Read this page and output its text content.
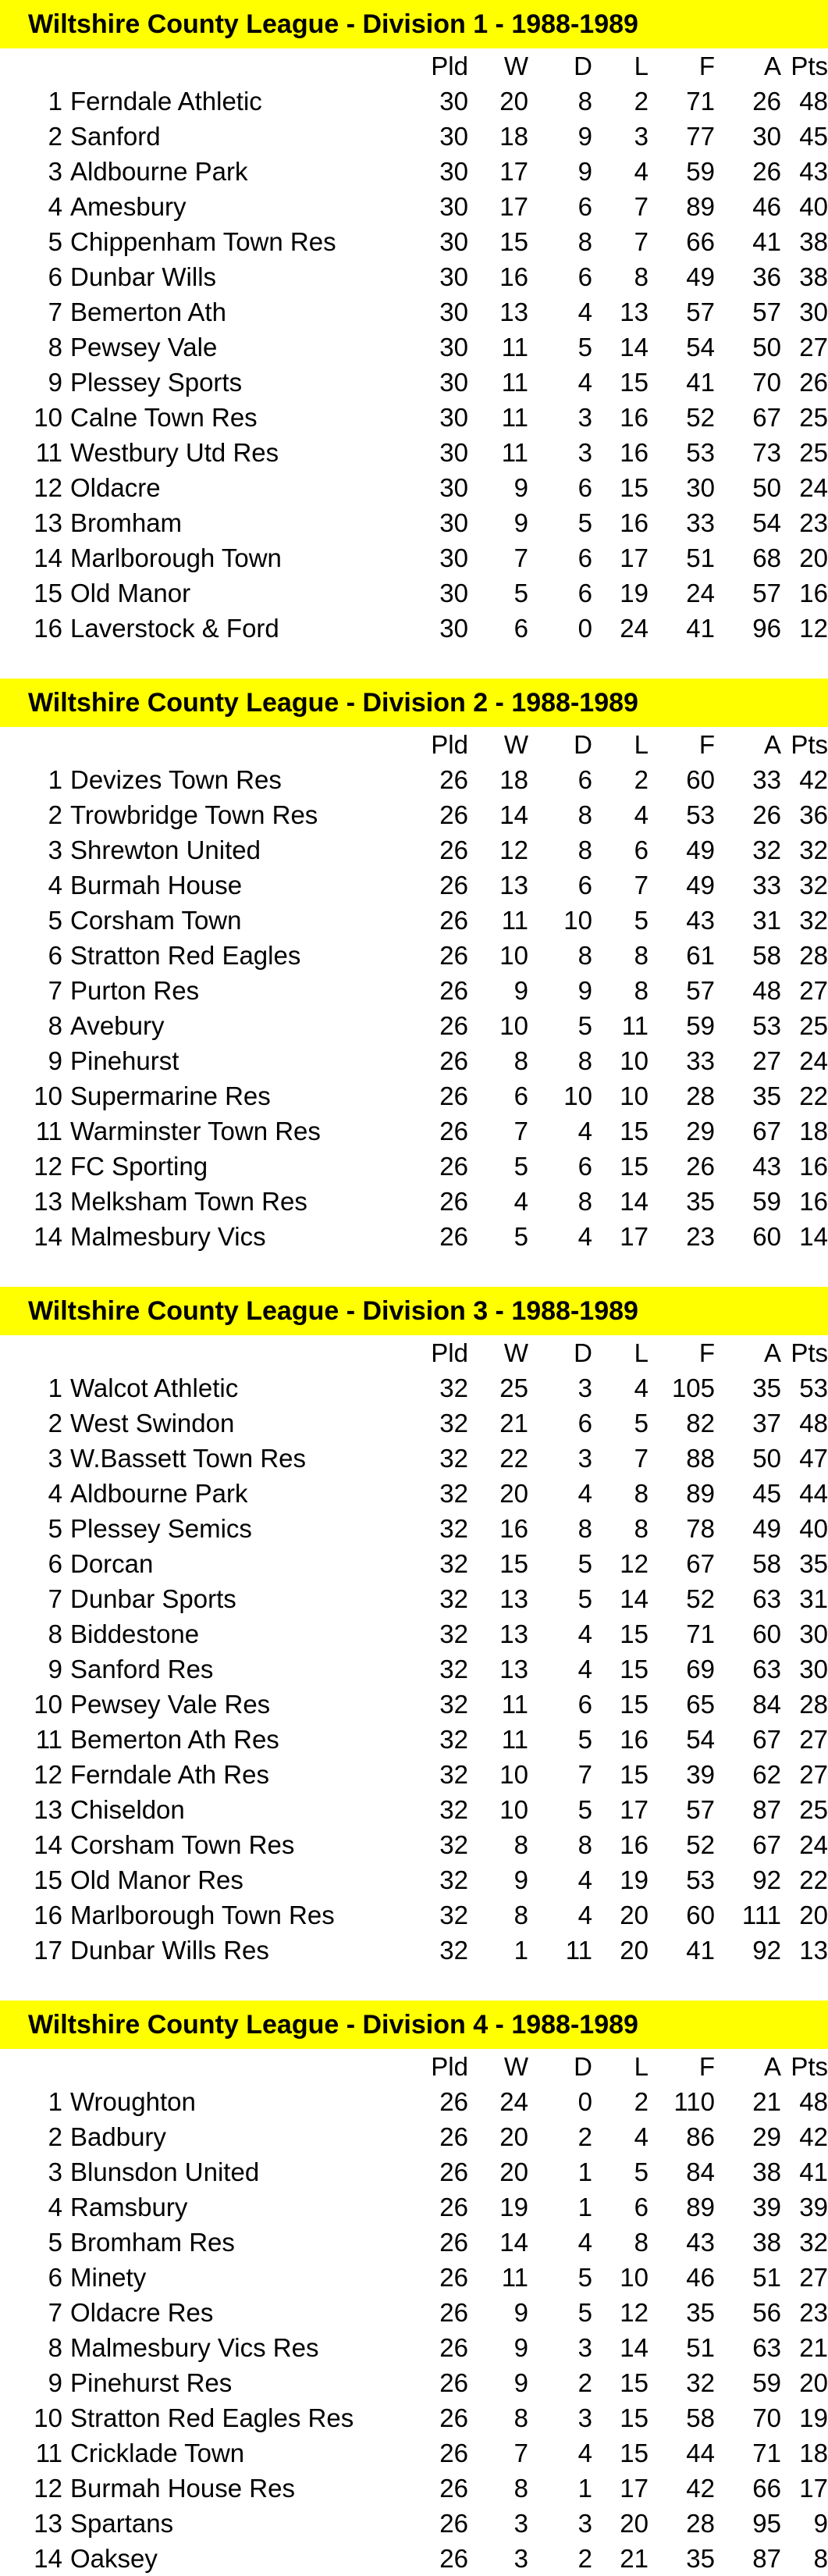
Wiltshire County League - Division 1 - 1988-1989
		Pld	W	D	L	F	A	Pts
1	Ferndale Athletic	30	20	8	2	71	26	48
2	Sanford	30	18	9	3	77	30	45
3	Aldbourne Park	30	17	9	4	59	26	43
4	Amesbury	30	17	6	7	89	46	40
5	Chippenham Town Res	30	15	8	7	66	41	38
6	Dunbar Wills	30	16	6	8	49	36	38
7	Bemerton Ath	30	13	4	13	57	57	30
8	Pewsey Vale	30	11	5	14	54	50	27
9	Plessey Sports	30	11	4	15	41	70	26
10	Calne Town Res	30	11	3	16	52	67	25
11	Westbury Utd Res	30	11	3	16	53	73	25
12	Oldacre	30	9	6	15	30	50	24
13	Bromham	30	9	5	16	33	54	23
14	Marlborough Town	30	7	6	17	51	68	20
15	Old Manor	30	5	6	19	24	57	16
16	Laverstock & Ford	30	6	0	24	41	96	12
Wiltshire County League - Division 2 - 1988-1989
		Pld	W	D	L	F	A	Pts
1	Devizes Town Res	26	18	6	2	60	33	42
2	Trowbridge Town Res	26	14	8	4	53	26	36
3	Shrewton United	26	12	8	6	49	32	32
4	Burmah House	26	13	6	7	49	33	32
5	Corsham Town	26	11	10	5	43	31	32
6	Stratton Red Eagles	26	10	8	8	61	58	28
7	Purton Res	26	9	9	8	57	48	27
8	Avebury	26	10	5	11	59	53	25
9	Pinehurst	26	8	8	10	33	27	24
10	Supermarine Res	26	6	10	10	28	35	22
11	Warminster Town Res	26	7	4	15	29	67	18
12	FC Sporting	26	5	6	15	26	43	16
13	Melksham Town Res	26	4	8	14	35	59	16
14	Malmesbury Vics	26	5	4	17	23	60	14
Wiltshire County League - Division 3 - 1988-1989
		Pld	W	D	L	F	A	Pts
1	Walcot Athletic	32	25	3	4	105	35	53
2	West Swindon	32	21	6	5	82	37	48
3	W.Bassett Town Res	32	22	3	7	88	50	47
4	Aldbourne Park	32	20	4	8	89	45	44
5	Plessey Semics	32	16	8	8	78	49	40
6	Dorcan	32	15	5	12	67	58	35
7	Dunbar Sports	32	13	5	14	52	63	31
8	Biddestone	32	13	4	15	71	60	30
9	Sanford Res	32	13	4	15	69	63	30
10	Pewsey Vale Res	32	11	6	15	65	84	28
11	Bemerton Ath Res	32	11	5	16	54	67	27
12	Ferndale Ath Res	32	10	7	15	39	62	27
13	Chiseldon	32	10	5	17	57	87	25
14	Corsham Town Res	32	8	8	16	52	67	24
15	Old Manor Res	32	9	4	19	53	92	22
16	Marlborough Town Res	32	8	4	20	60	111	20
17	Dunbar Wills Res	32	1	11	20	41	92	13
Wiltshire County League - Division 4 - 1988-1989
		Pld	W	D	L	F	A	Pts
1	Wroughton	26	24	0	2	110	21	48
2	Badbury	26	20	2	4	86	29	42
3	Blunsdon United	26	20	1	5	84	38	41
4	Ramsbury	26	19	1	6	89	39	39
5	Bromham Res	26	14	4	8	43	38	32
6	Minety	26	11	5	10	46	51	27
7	Oldacre Res	26	9	5	12	35	56	23
8	Malmesbury Vics Res	26	9	3	14	51	63	21
9	Pinehurst Res	26	9	2	15	32	59	20
10	Stratton Red Eagles Res	26	8	3	15	58	70	19
11	Cricklade Town	26	7	4	15	44	71	18
12	Burmah House Res	26	8	1	17	42	66	17
13	Spartans	26	3	3	20	28	95	9
14	Oaksey	26	3	2	21	35	87	8
